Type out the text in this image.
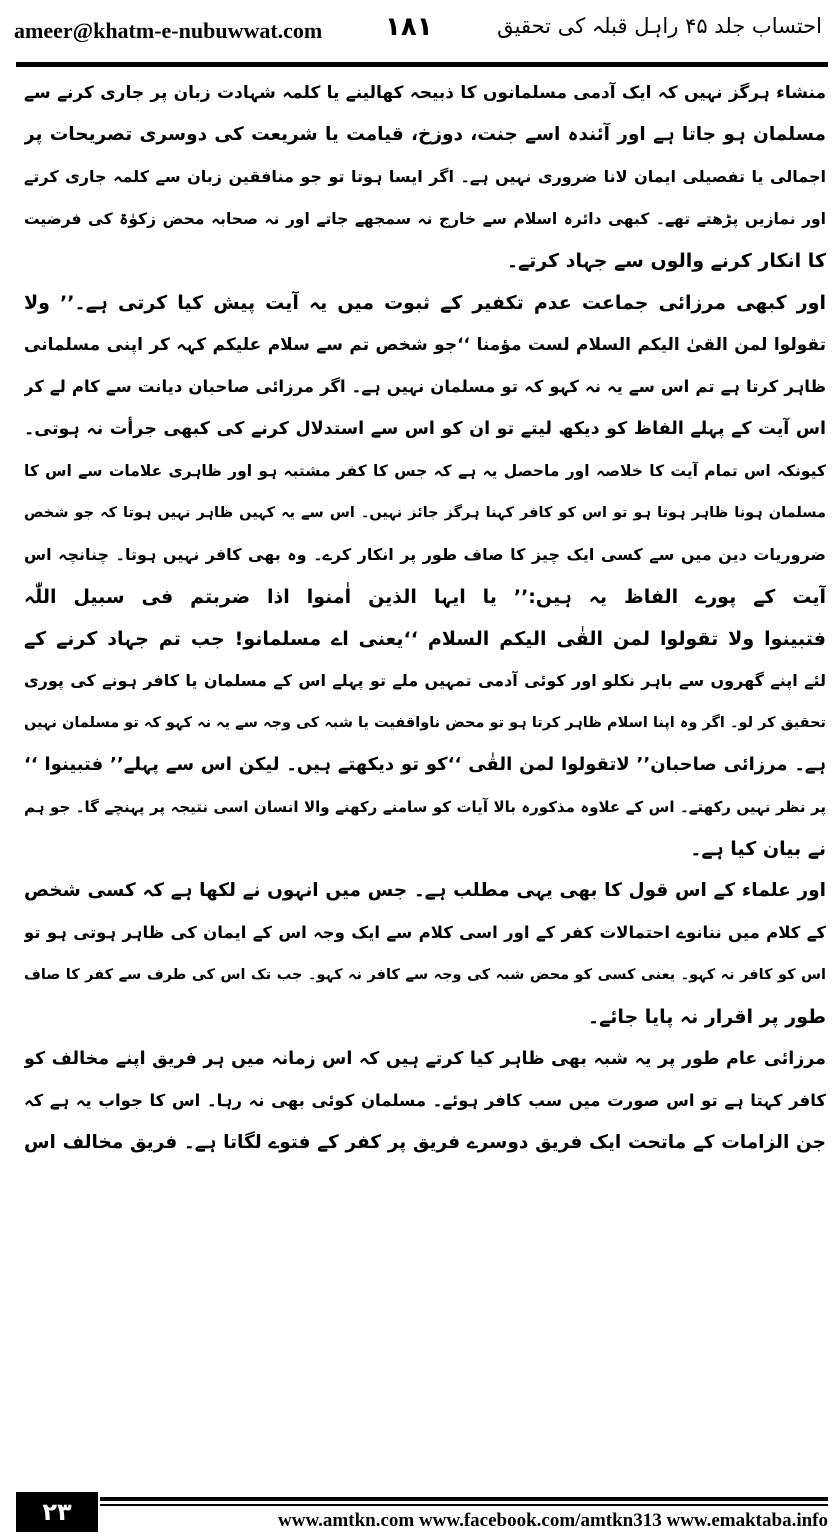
ameer@khatm-e-nubuwwat.com ۱۸۱	احتساب جلد ۴۵ راہل قبلہ کی تحقیق
منشاء ہرگز نہیں کہ ایک آدمی مسلمانوں کا ذبیحہ کھالینے یا کلمہ شہادت زبان پر جاری کرنے سے
مسلمان ہو جاتا ہے اور آئندہ اسے جنت، دوزخ، قیامت یا شریعت کی دوسری تصریحات پر
اجمالی یا تفصیلی ایمان لانا ضروری نہیں ہے۔ اگر ایسا ہوتا تو جو منافقین زبان سے کلمہ جاری کرتے
اور نمازیں پڑھتے تھے۔ کبھی دائرہ اسلام سے خارج نہ سمجھے جاتے اور نہ صحابہ محض زکوٰۃ کی فرضیت
کا انکار کرنے والوں سے جہاد کرتے۔
اور کبھی مرزائی جماعت عدم تکفیر کے ثبوت میں یہ آیت پیش کیا کرتی ہے۔’’ ولا
تقولوا لمن القیٰ الیکم السلام لست مؤمنا ‘‘جو شخص تم سے سلام علیکم کہہ کر اپنی مسلمانی
ظاہر کرتا ہے تم اس سے یہ نہ کہو کہ تو مسلمان نہیں ہے۔ اگر مرزائی صاحبان دیانت سے کام لے کر
اس آیت کے پہلے الفاظ کو دیکھ لیتے تو ان کو اس سے استدلال کرنے کی کبھی جرأت نہ ہوتی۔
کیونکہ اس تمام آیت کا خلاصہ اور ماحصل یہ ہے کہ جس کا کفر مشتبہ ہو اور ظاہری علامات سے اس کا
مسلمان ہونا ظاہر ہوتا ہو تو اس کو کافر کہنا ہرگز جائز نہیں۔ اس سے یہ کہیں ظاہر نہیں ہوتا کہ جو شخص
ضروریات دین میں سے کسی ایک چیز کا صاف طور پر انکار کرے۔ وہ بھی کافر نہیں ہوتا۔ چنانچہ اس
آیت کے پورے الفاظ یہ ہیں:’’ یا ایہا الذین اٰمنوا اذا ضربتم فی سبیل اللّٰہ
فتبینوا ولا تقولوا لمن القٰی الیکم السلام ‘‘یعنی اے مسلمانو! جب تم جہاد کرنے کے
لئے اپنے گھروں سے باہر نکلو اور کوئی آدمی تمہیں ملے تو پہلے اس کے مسلمان یا کافر ہونے کی پوری
تحقیق کر لو۔ اگر وہ اپنا اسلام ظاہر کرتا ہو تو محض ناواقفیت یا شبہ کی وجہ سے یہ نہ کہو کہ تو مسلمان نہیں
ہے۔ مرزائی صاحبان’’ لاتقولوا لمن القٰی ‘‘کو تو دیکھتے ہیں۔ لیکن اس سے پہلے’’ فتبینوا ‘‘
پر نظر نہیں رکھتے۔ اس کے علاوہ مذکورہ بالا آیات کو سامنے رکھنے والا انسان اسی نتیجہ پر پہنچے گا۔ جو ہم
نے بیان کیا ہے۔
اور علماء کے اس قول کا بھی یہی مطلب ہے۔ جس میں انہوں نے لکھا ہے کہ کسی شخص
کے کلام میں ننانوے احتمالات کفر کے اور اسی کلام سے ایک وجہ اس کے ایمان کی ظاہر ہوتی ہو تو
اس کو کافر نہ کہو۔ یعنی کسی کو محض شبہ کی وجہ سے کافر نہ کہو۔ جب تک اس کی طرف سے کفر کا صاف
طور پر اقرار نہ پایا جائے۔
مرزائی عام طور پر یہ شبہ بھی ظاہر کیا کرتے ہیں کہ اس زمانہ میں ہر فریق اپنے مخالف کو
کافر کہتا ہے تو اس صورت میں سب کافر ہوئے۔ مسلمان کوئی بھی نہ رہا۔ اس کا جواب یہ ہے کہ
جن الزامات کے ماتحت ایک فریق دوسرے فریق پر کفر کے فتوے لگاتا ہے۔ فریق مخالف اس
۲۳	www.amtkn.com www.facebook.com/amtkn313 www.emaktaba.info
